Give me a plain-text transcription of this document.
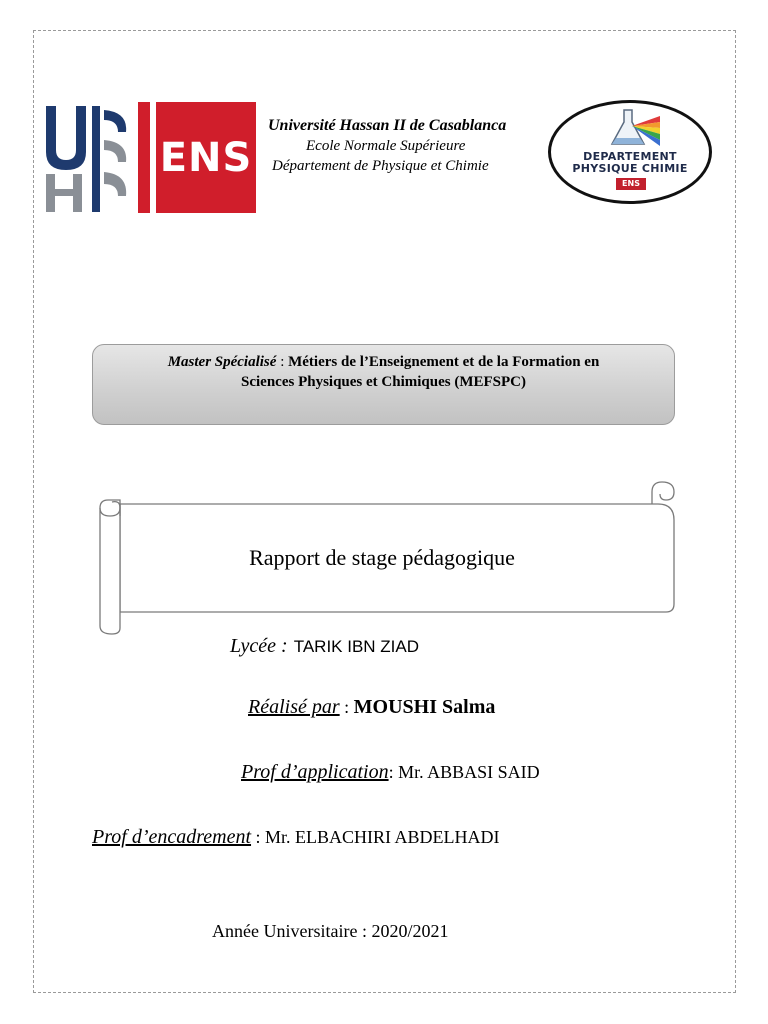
ENS
Université Hassan II de Casablanca
Ecole Normale Supérieure
Département de Physique et Chimie
DEPARTEMENT
PHYSIQUE CHIMIE
ENS
Master Spécialisé : Métiers de l’Enseignement et de la Formation en
Sciences Physiques et Chimiques (MEFSPC)
Rapport de stage pédagogique
Lycée : TARIK IBN ZIAD
Réalisé par : MOUSHI Salma
Prof d’application: Mr. ABBASI SAID
Prof d’encadrement : Mr. ELBACHIRI ABDELHADI
Année Universitaire : 2020/2021
